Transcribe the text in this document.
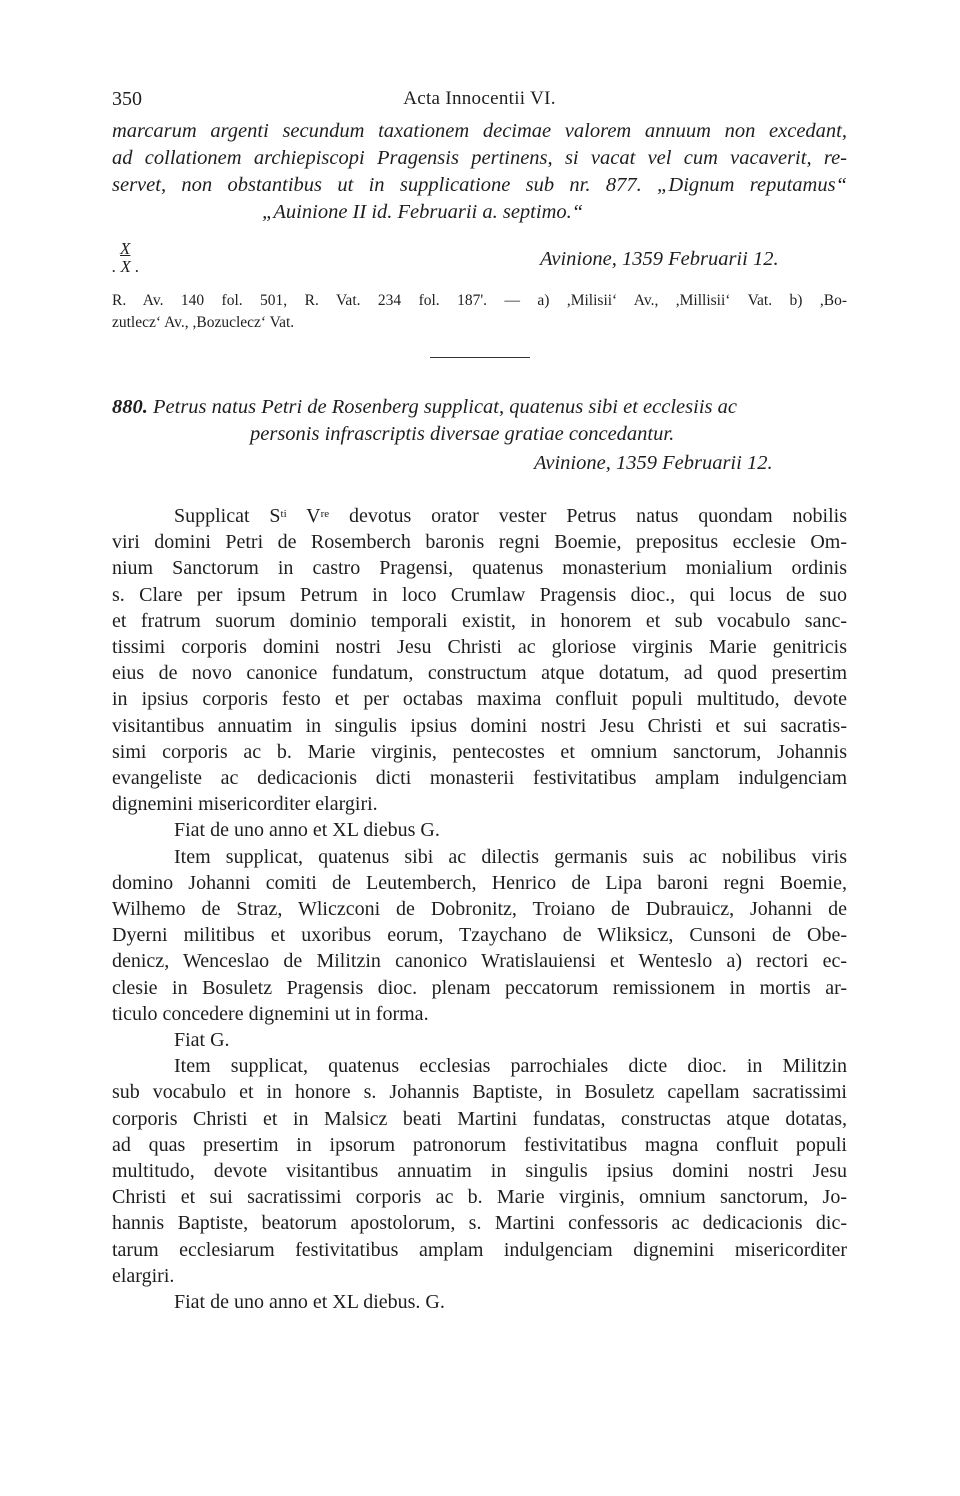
350	Acta Innocentii VI.
marcarum argenti secundum taxationem decimae valorem annuum non excedant,
ad collationem archiepiscopi Pragensis pertinens, si vacat vel cum vacaverit, re-
servet, non obstantibus ut in supplicatione sub nr. 877. „Dignum reputamus“
„Auinione II id. Februarii a. septimo.“
X
. X .	Avinione, 1359 Februarii 12.
R. Av. 140 fol. 501, R. Vat. 234 fol. 187'. — a) ,Milisii‘ Av., ,Millisii‘ Vat. b) ,Bo-
zutlecz‘ Av., ,Bozuclecz‘ Vat.
880. Petrus natus Petri de Rosenberg supplicat, quatenus sibi et ecclesiis ac
personis infrascriptis diversae gratiae concedantur.
Avinione, 1359 Februarii 12.
Supplicat $S^{ti}$ Vre devotus orator vester Petrus natus quondam nobilis
viri domini Petri de Rosemberch baronis regni Boemie, prepositus ecclesie Om-
nium Sanctorum in castro Pragensi, quatenus monasterium monialium ordinis
s. Clare per ipsum Petrum in loco Crumlaw Pragensis dioc., qui locus de suo
et fratrum suorum dominio temporali existit, in honorem et sub vocabulo sanc-
tissimi corporis domini nostri Jesu Christi ac gloriose virginis Marie genitricis
eius de novo canonice fundatum, constructum atque dotatum, ad quod presertim
in ipsius corporis festo et per octabas maxima confluit populi multitudo, devote
visitantibus annuatim in singulis ipsius domini nostri Jesu Christi et sui sacratis-
simi corporis ac b. Marie virginis, pentecostes et omnium sanctorum, Johannis
evangeliste ac dedicacionis dicti monasterii festivitatibus amplam indulgenciam
dignemini misericorditer elargiri.
Fiat de uno anno et XL diebus G.
Item supplicat, quatenus sibi ac dilectis germanis suis ac nobilibus viris
domino Johanni comiti de Leutemberch, Henrico de Lipa baroni regni Boemie,
Wilhemo de Straz, Wliczconi de Dobronitz, Troiano de Dubrauicz, Johanni de
Dyerni militibus et uxoribus eorum, Tzaychano de Wliksicz, Cunsoni de Obe-
denicz, Wenceslao de Militzin canonico Wratislauiensi et Wenteslo a) rectori ec-
clesie in Bosuletz Pragensis dioc. plenam peccatorum remissionem in mortis ar-
ticulo concedere dignemini ut in forma.
Fiat G.
Item supplicat, quatenus ecclesias parrochiales dicte dioc. in Militzin
sub vocabulo et in honore s. Johannis Baptiste, in Bosuletz capellam sacratissimi
corporis Christi et in Malsicz beati Martini fundatas, constructas atque dotatas,
ad quas presertim in ipsorum patronorum festivitatibus magna confluit populi
multitudo, devote visitantibus annuatim in singulis ipsius domini nostri Jesu
Christi et sui sacratissimi corporis ac b. Marie virginis, omnium sanctorum, Jo-
hannis Baptiste, beatorum apostolorum, s. Martini confessoris ac dedicacionis dic-
tarum ecclesiarum festivitatibus amplam indulgenciam dignemini misericorditer
elargiri.
Fiat de uno anno et XL diebus. G.
